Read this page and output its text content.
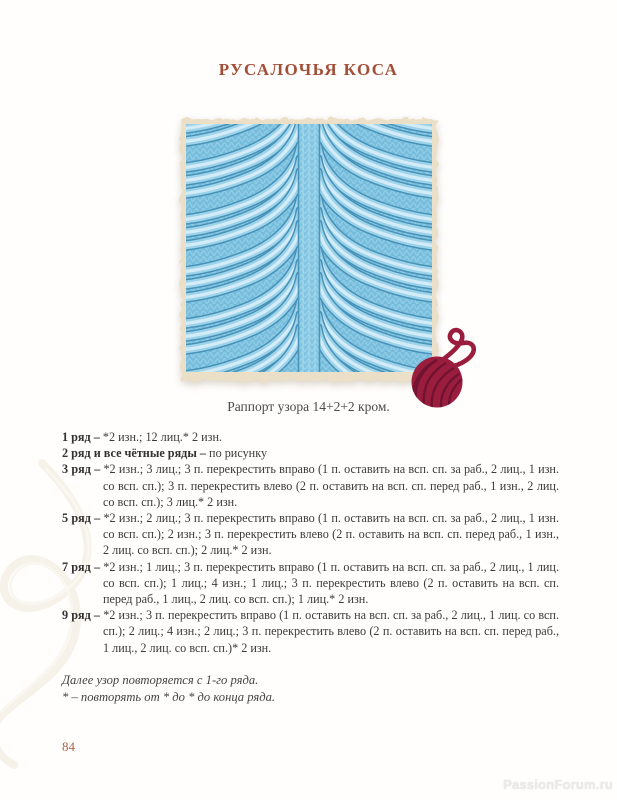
РУСАЛОЧЬЯ КОСА
Раппорт узора 14+2+2 кром.

1 ряд – *2 изн.; 12 лиц.* 2 изн.

2 ряд и все чётные ряды – по рисунку

3 ряд – *2 изн.; 3 лиц.; 3 п. перекрестить вправо (1 п. оставить на всп. сп. за раб., 2 лиц., 1 изн. со всп. сп.); 3 п. перекрестить влево (2 п. оставить на всп. сп. перед раб., 1 изн., 2 лиц. со всп. сп.); 3 лиц.* 2 изн.

5 ряд – *2 изн.; 2 лиц.; 3 п. перекрестить вправо (1 п. оставить на всп. сп. за раб., 2 лиц., 1 изн. со всп. сп.); 2 изн.; 3 п. перекрестить влево (2 п. оставить на всп. сп. перед раб., 1 изн., 2 лиц. со всп. сп.); 2 лиц.* 2 изн.

7 ряд – *2 изн.; 1 лиц.; 3 п. перекрестить вправо (1 п. оставить на всп. сп. за раб., 2 лиц., 1 лиц. со всп. сп.); 1 лиц.; 4 изн.; 1 лиц.; 3 п. перекрестить влево (2 п. оставить на всп. сп. перед раб., 1 лиц., 2 лиц. со всп. сп.); 1 лиц.* 2 изн.

9 ряд – *2 изн.; 3 п. перекрестить вправо (1 п. оставить на всп. сп. за раб., 2 лиц., 1 лиц. со всп. сп.); 2 лиц.; 4 изн.; 2 лиц.; 3 п. перекрестить влево (2 п. оставить на всп. сп. перед раб., 1 лиц., 2 лиц. со всп. сп.)* 2 изн.

Далее узор повторяется с 1-го ряда.

* – повторять от * до * до конца ряда.

84
PassionForum.ru
